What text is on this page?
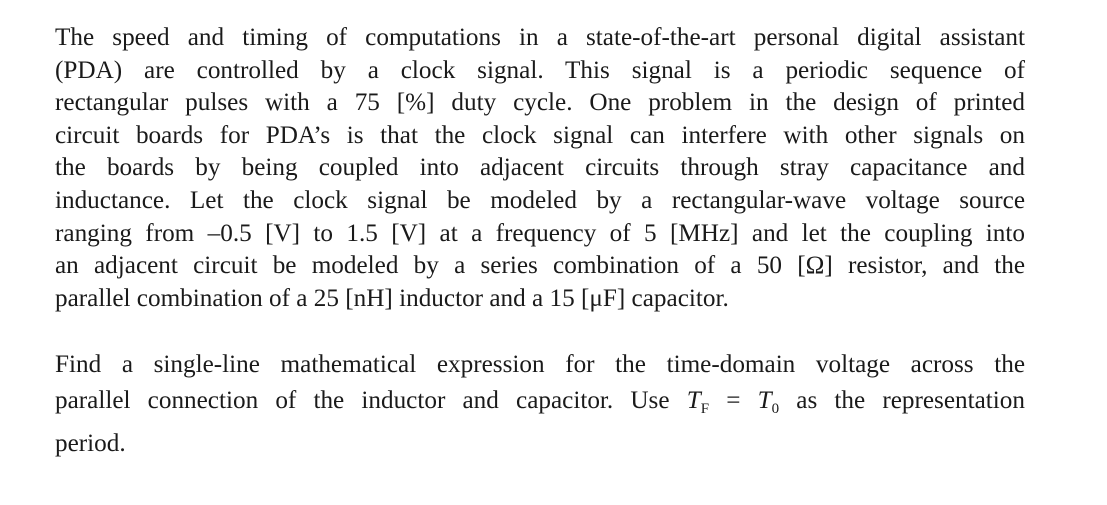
The speed and timing of computations in a state-of-the-art personal digital assistant
(PDA) are controlled by a clock signal. This signal is a periodic sequence of
rectangular pulses with a 75 [%] duty cycle. One problem in the design of printed
circuit boards for PDA’s is that the clock signal can interfere with other signals on
the boards by being coupled into adjacent circuits through stray capacitance and
inductance. Let the clock signal be modeled by a rectangular-wave voltage source
ranging from –0.5 [V] to 1.5 [V] at a frequency of 5 [MHz] and let the coupling into
an adjacent circuit be modeled by a series combination of a 50 [Ω] resistor, and the
parallel combination of a 25 [nH] inductor and a 15 [μF] capacitor.

Find a single-line mathematical expression for the time-domain voltage across the
parallel connection of the inductor and capacitor. Use $T_F = T_0$ as the representation
period.
